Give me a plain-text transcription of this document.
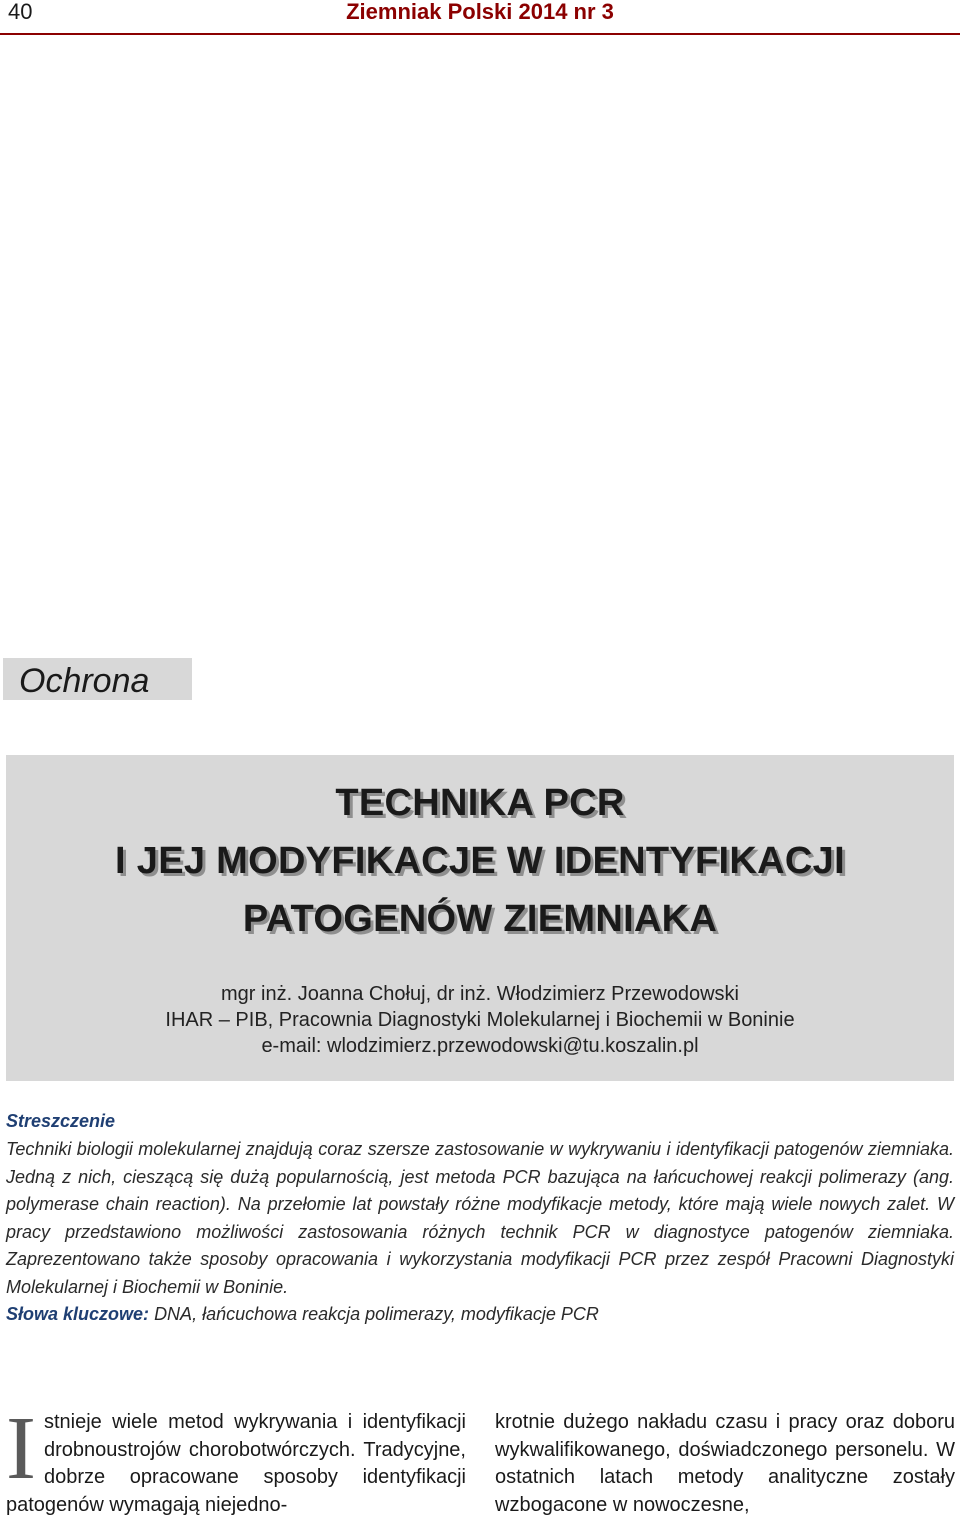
40	Ziemniak Polski 2014 nr 3
Ochrona
TECHNIKA PCR
I JEJ MODYFIKACJE W IDENTYFIKACJI
PATOGENÓW ZIEMNIAKA
mgr inż. Joanna Chołuj, dr inż. Włodzimierz Przewodowski
IHAR – PIB, Pracownia Diagnostyki Molekularnej i Biochemii w Boninie
e-mail: wlodzimierz.przewodowski@tu.koszalin.pl
Streszczenie

Techniki biologii molekularnej znajdują coraz szersze zastosowanie w wykrywaniu i identyfikacji patogenów ziemniaka. Jedną z nich, cieszącą się dużą popularnością, jest metoda PCR bazująca na łańcuchowej reakcji polimerazy (ang. polymerase chain reaction). Na przełomie lat powstały różne modyfikacje metody, które mają wiele nowych zalet. W pracy przedstawiono możliwości zastosowania różnych technik PCR w diagnostyce patogenów ziemniaka. Zaprezentowano także sposoby opracowania i wykorzystania modyfikacji PCR przez zespół Pracowni Diagnostyki Molekularnej i Biochemii w Boninie.

Słowa kluczowe: DNA, łańcuchowa reakcja polimerazy, modyfikacje PCR
I stnieje wiele metod wykrywania i identyfikacji drobnoustrojów chorobotwórczych. Tradycyjne, dobrze opracowane sposoby identyfikacji patogenów wymagają niejedno-

krotnie dużego nakładu czasu i pracy oraz doboru wykwalifikowanego, doświadczonego personelu. W ostatnich latach metody analityczne zostały wzbogacone w nowoczesne,
